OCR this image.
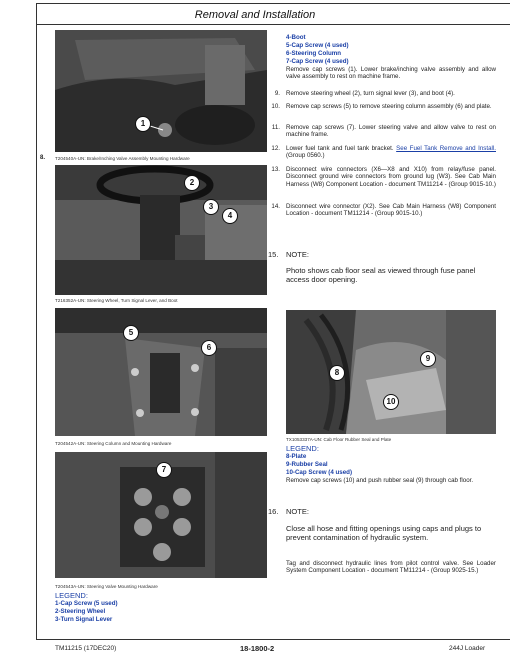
Removal and Installation
1
8. T204540A-UN: Brake/Inching Valve Assembly Mounting Hardware
2
3
4
T216352A-UN: Steering Wheel, Turn Signal Lever, and Boot
5
6
T204542A-UN: Steering Column and Mounting Hardware
7
T204543A-UN: Steering Valve Mounting Hardware
LEGEND:
1-Cap Screw (5 used)
2-Steering Wheel
3-Turn Signal Lever
4-Boot
5-Cap Screw (4 used)
6-Steering Column
7-Cap Screw (4 used)
Remove cap screws (1). Lower brake/inching valve assembly and allow valve assembly to rest on machine frame.
9. Remove steering wheel (2), turn signal lever (3), and boot (4).
10. Remove cap screws (5) to remove steering column assembly (6) and plate.
11. Remove cap screws (7). Lower steering valve and allow valve to rest on machine frame.
12. Lower fuel tank and fuel tank bracket. See Fuel Tank Remove and Install. (Group 0560.)
13. Disconnect wire connectors (X6—X8 and X10) from relay/fuse panel. Disconnect ground wire connectors from ground lug (W3). See Cab Main Harness (W8) Component Location - document TM11214 - (Group 9015-10.)
14. Disconnect wire connector (X2). See Cab Main Harness (W8) Component Location - document TM11214 - (Group 9015-10.)
15. NOTE:
Photo shows cab floor seal as viewed through fuse panel access door opening.
8
9
10
TX1053337A-UN: Cab Floor Rubber Seal and Plate
LEGEND:
8-Plate
9-Rubber Seal
10-Cap Screw (4 used)
Remove cap screws (10) and push rubber seal (9) through cab floor.
16. NOTE:
Close all hose and fitting openings using caps and plugs to prevent contamination of hydraulic system.
Tag and disconnect hydraulic lines from pilot control valve. See Loader System Component Location - document TM11214 - (Group 9025-15.)
TM11215 (17DEC20)	18-1800-2	244J Loader
